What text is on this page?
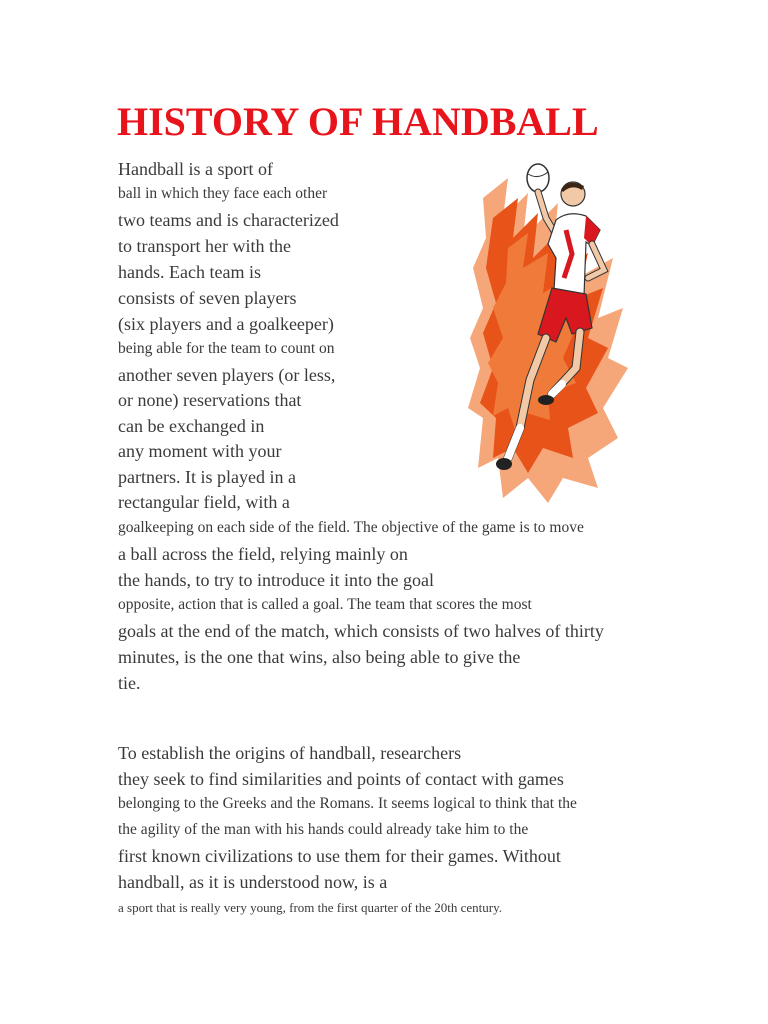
HISTORY OF HANDBALL

Handball is a sport of

ball in which they face each other

two teams and is characterized

to transport her with the

hands. Each team is

consists of seven players

(six players and a goalkeeper)

being able for the team to count on

another seven players (or less,

or none) reservations that

can be exchanged in

any moment with your

partners. It is played in a

rectangular field, with a

goalkeeping on each side of the field. The objective of the game is to move

a ball across the field, relying mainly on

the hands, to try to introduce it into the goal

opposite, action that is called a goal. The team that scores the most

goals at the end of the match, which consists of two halves of thirty

minutes, is the one that wins, also being able to give the

tie.

To establish the origins of handball, researchers

they seek to find similarities and points of contact with games

belonging to the Greeks and the Romans. It seems logical to think that the

the agility of the man with his hands could already take him to the

first known civilizations to use them for their games. Without

handball, as it is understood now, is a

a sport that is really very young, from the first quarter of the 20th century.
